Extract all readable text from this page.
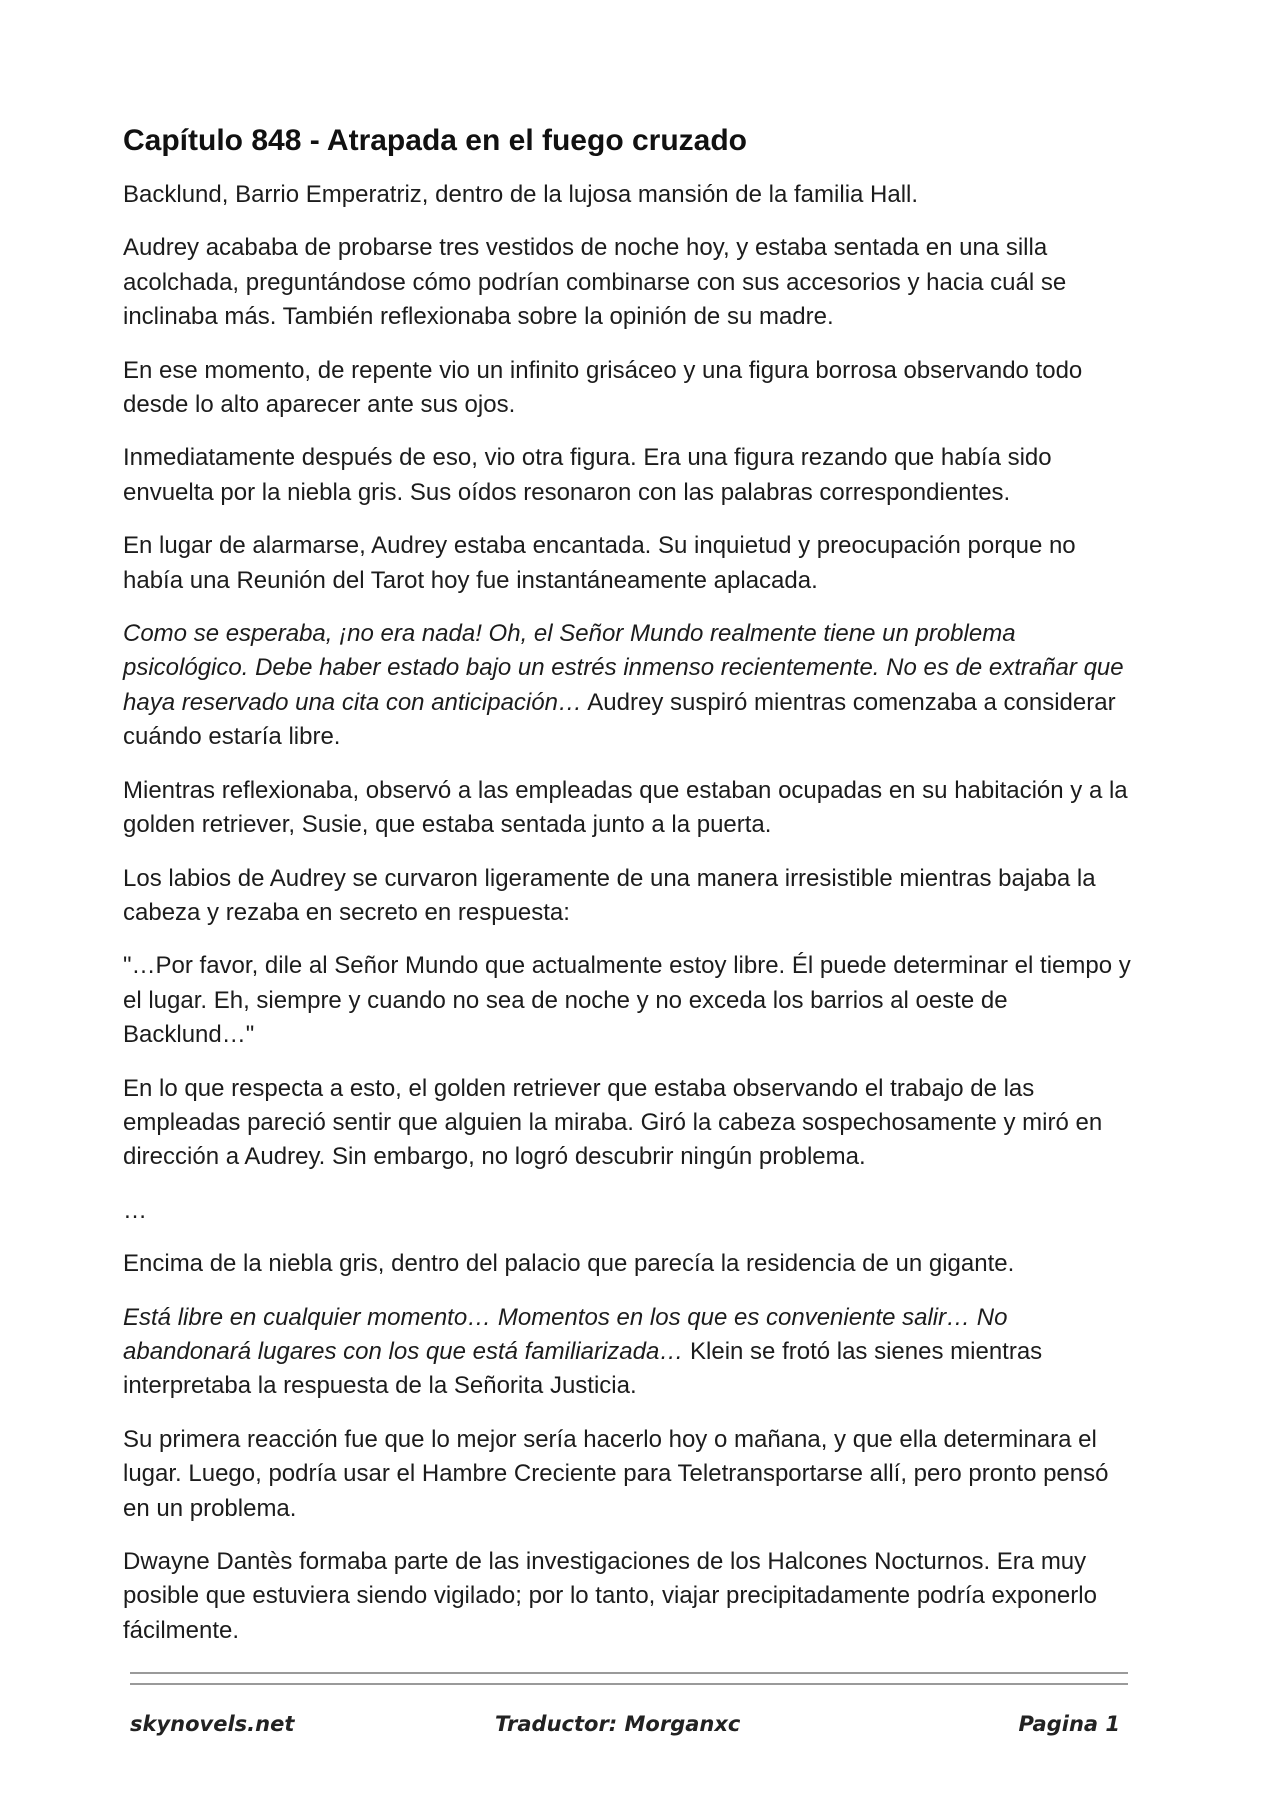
Capítulo 848 - Atrapada en el fuego cruzado

Backlund, Barrio Emperatriz, dentro de la lujosa mansión de la familia Hall.

Audrey acababa de probarse tres vestidos de noche hoy, y estaba sentada en una silla acolchada, preguntándose cómo podrían combinarse con sus accesorios y hacia cuál se inclinaba más. También reflexionaba sobre la opinión de su madre.

En ese momento, de repente vio un infinito grisáceo y una figura borrosa observando todo desde lo alto aparecer ante sus ojos.

Inmediatamente después de eso, vio otra figura. Era una figura rezando que había sido envuelta por la niebla gris. Sus oídos resonaron con las palabras correspondientes.

En lugar de alarmarse, Audrey estaba encantada. Su inquietud y preocupación porque no había una Reunión del Tarot hoy fue instantáneamente aplacada.

Como se esperaba, ¡no era nada! Oh, el Señor Mundo realmente tiene un problema psicológico. Debe haber estado bajo un estrés inmenso recientemente. No es de extrañar que haya reservado una cita con anticipación… Audrey suspiró mientras comenzaba a considerar cuándo estaría libre.

Mientras reflexionaba, observó a las empleadas que estaban ocupadas en su habitación y a la golden retriever, Susie, que estaba sentada junto a la puerta.

Los labios de Audrey se curvaron ligeramente de una manera irresistible mientras bajaba la cabeza y rezaba en secreto en respuesta:

"…Por favor, dile al Señor Mundo que actualmente estoy libre. Él puede determinar el tiempo y el lugar. Eh, siempre y cuando no sea de noche y no exceda los barrios al oeste de Backlund…"

En lo que respecta a esto, el golden retriever que estaba observando el trabajo de las empleadas pareció sentir que alguien la miraba. Giró la cabeza sospechosamente y miró en dirección a Audrey. Sin embargo, no logró descubrir ningún problema.

…

Encima de la niebla gris, dentro del palacio que parecía la residencia de un gigante.

Está libre en cualquier momento… Momentos en los que es conveniente salir… No abandonará lugares con los que está familiarizada… Klein se frotó las sienes mientras interpretaba la respuesta de la Señorita Justicia.

Su primera reacción fue que lo mejor sería hacerlo hoy o mañana, y que ella determinara el lugar. Luego, podría usar el Hambre Creciente para Teletransportarse allí, pero pronto pensó en un problema.

Dwayne Dantès formaba parte de las investigaciones de los Halcones Nocturnos. Era muy posible que estuviera siendo vigilado; por lo tanto, viajar precipitadamente podría exponerlo fácilmente.

skynovels.net	Traductor: Morganxc	Pagina 1
